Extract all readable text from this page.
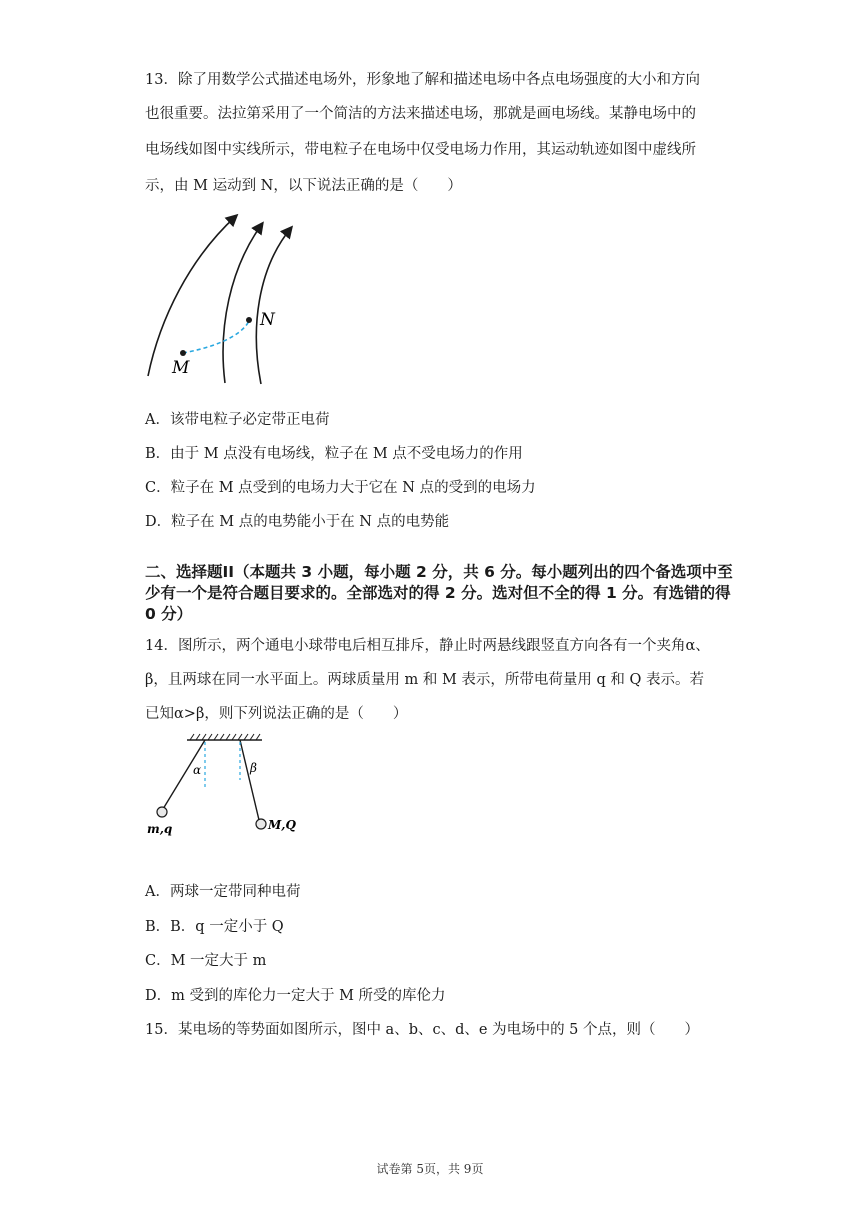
13．除了用数学公式描述电场外，形象地了解和描述电场中各点电场强度的大小和方向
也很重要。法拉第采用了一个简洁的方法来描述电场，那就是画电场线。某静电场中的
电场线如图中实线所示，带电粒子在电场中仅受电场力作用，其运动轨迹如图中虚线所
示，由 M 运动到 N，以下说法正确的是（　　）
M
N
A．该带电粒子必定带正电荷
B．由于 M 点没有电场线，粒子在 M 点不受电场力的作用
C．粒子在 M 点受到的电场力大于它在 N 点的受到的电场力
D．粒子在 M 点的电势能小于在 N 点的电势能
二、选择题II（本题共 3 小题，每小题 2 分，共 6 分。每小题列出的四个备选项中至少有一个是符合题目要求的。全部选对的得 2 分。选对但不全的得 1 分。有选错的得 0 分）
14．图所示，两个通电小球带电后相互排斥，静止时两悬线跟竖直方向各有一个夹角α、
β，且两球在同一水平面上。两球质量用 m 和 M 表示，所带电荷量用 q 和 Q 表示。若
已知α>β，则下列说法正确的是（　　）
α	β
m,q	M,Q
A．两球一定带同种电荷
B．B．q 一定小于 Q
C．M 一定大于 m
D．m 受到的库伦力一定大于 M 所受的库伦力
15．某电场的等势面如图所示，图中 a、b、c、d、e 为电场中的 5 个点，则（　　）
试卷第 5页，共 9页
